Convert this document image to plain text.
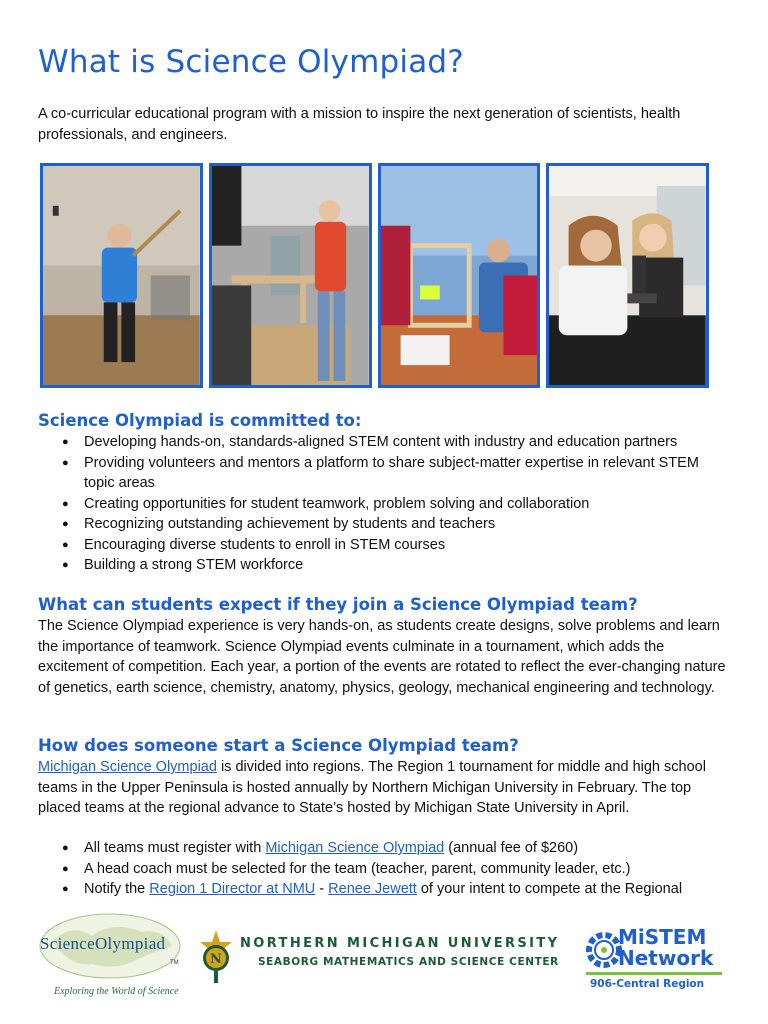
What is Science Olympiad?

A co-curricular educational program with a mission to inspire the next generation of scientists, health professionals, and engineers.

Science Olympiad is committed to:
● Developing hands-on, standards-aligned STEM content with industry and education partners
● Providing volunteers and mentors a platform to share subject-matter expertise in relevant STEM topic areas
● Creating opportunities for student teamwork, problem solving and collaboration
● Recognizing outstanding achievement by students and teachers
● Encouraging diverse students to enroll in STEM courses
● Building a strong STEM workforce
What can students expect if they join a Science Olympiad team?

The Science Olympiad experience is very hands-on, as students create designs, solve problems and learn the importance of teamwork. Science Olympiad events culminate in a tournament, which adds the excitement of competition. Each year, a portion of the events are rotated to reflect the ever-changing nature of genetics, earth science, chemistry, anatomy, physics, geology, mechanical engineering and technology.

How does someone start a Science Olympiad team?

Michigan Science Olympiad is divided into regions. The Region 1 tournament for middle and high school teams in the Upper Peninsula is hosted annually by Northern Michigan University in February. The top placed teams at the regional advance to State’s hosted by Michigan State University in April.

● All teams must register with Michigan Science Olympiad (annual fee of $260)
● A head coach must be selected for the team (teacher, parent, community leader, etc.)
● Notify the Region 1 Director at NMU - Renee Jewett of your intent to compete at the Regional
ScienceOlympiad
TM
Exploring the World of Science
N
NORTHERN MICHIGAN UNIVERSITY
SEABORG MATHEMATICS AND SCIENCE CENTER
MiSTEM
Network
906-Central Region
